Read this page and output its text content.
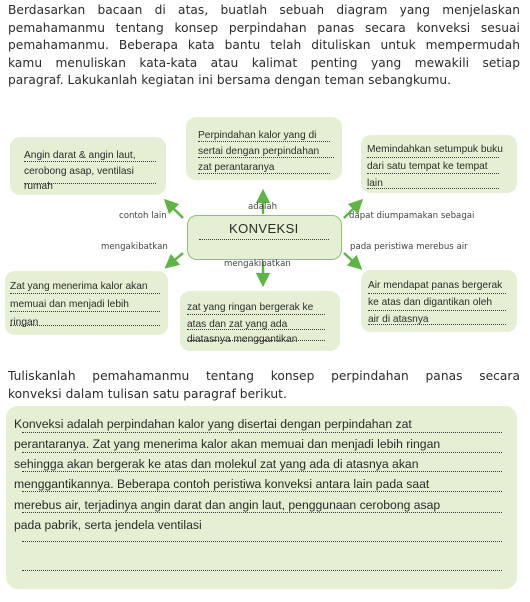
Berdasarkan bacaan di atas, buatlah sebuah diagram yang menjelaskan
pemahamanmu tentang konsep perpindahan panas secara konveksi sesuai
pemahamanmu. Beberapa kata bantu telah dituliskan untuk mempermudah
kamu menuliskan kata-kata atau kalimat penting yang mewakili setiap
paragraf. Lakukanlah kegiatan ini bersama dengan teman sebangkumu.
Perpindahan kalor yang di
sertai dengan perpindahan
zat perantaranya
Angin darat & angin laut,
cerobong asap, ventilasi
rumah
Memindahkan setumpuk buku
dari satu tempat ke tempat
lain
KONVEKSI
adalah
contoh lain	dapat diumpamakan sebagai
mengakibatkan
mengakibatkan
pada peristiwa merebus air
Zat yang menerima kalor akan
memuai dan menjadi lebih
ringan
zat yang ringan bergerak ke
atas dan zat yang ada
diatasnya menggantikan
Air mendapat panas bergerak
ke atas dan digantikan oleh
air di atasnya
Tuliskanlah pemahamanmu tentang konsep perpindahan panas secara
konveksi dalam tulisan satu paragraf berikut.
Konveksi adalah perpindahan kalor yang disertai dengan perpindahan zat
perantaranya. Zat yang menerima kalor akan memuai dan menjadi lebih ringan
sehingga akan bergerak ke atas dan molekul zat yang ada di atasnya akan
menggantikannya. Beberapa contoh peristiwa konveksi antara lain pada saat
merebus air, terjadinya angin darat dan angin laut, penggunaan cerobong asap
pada pabrik, serta jendela ventilasi
